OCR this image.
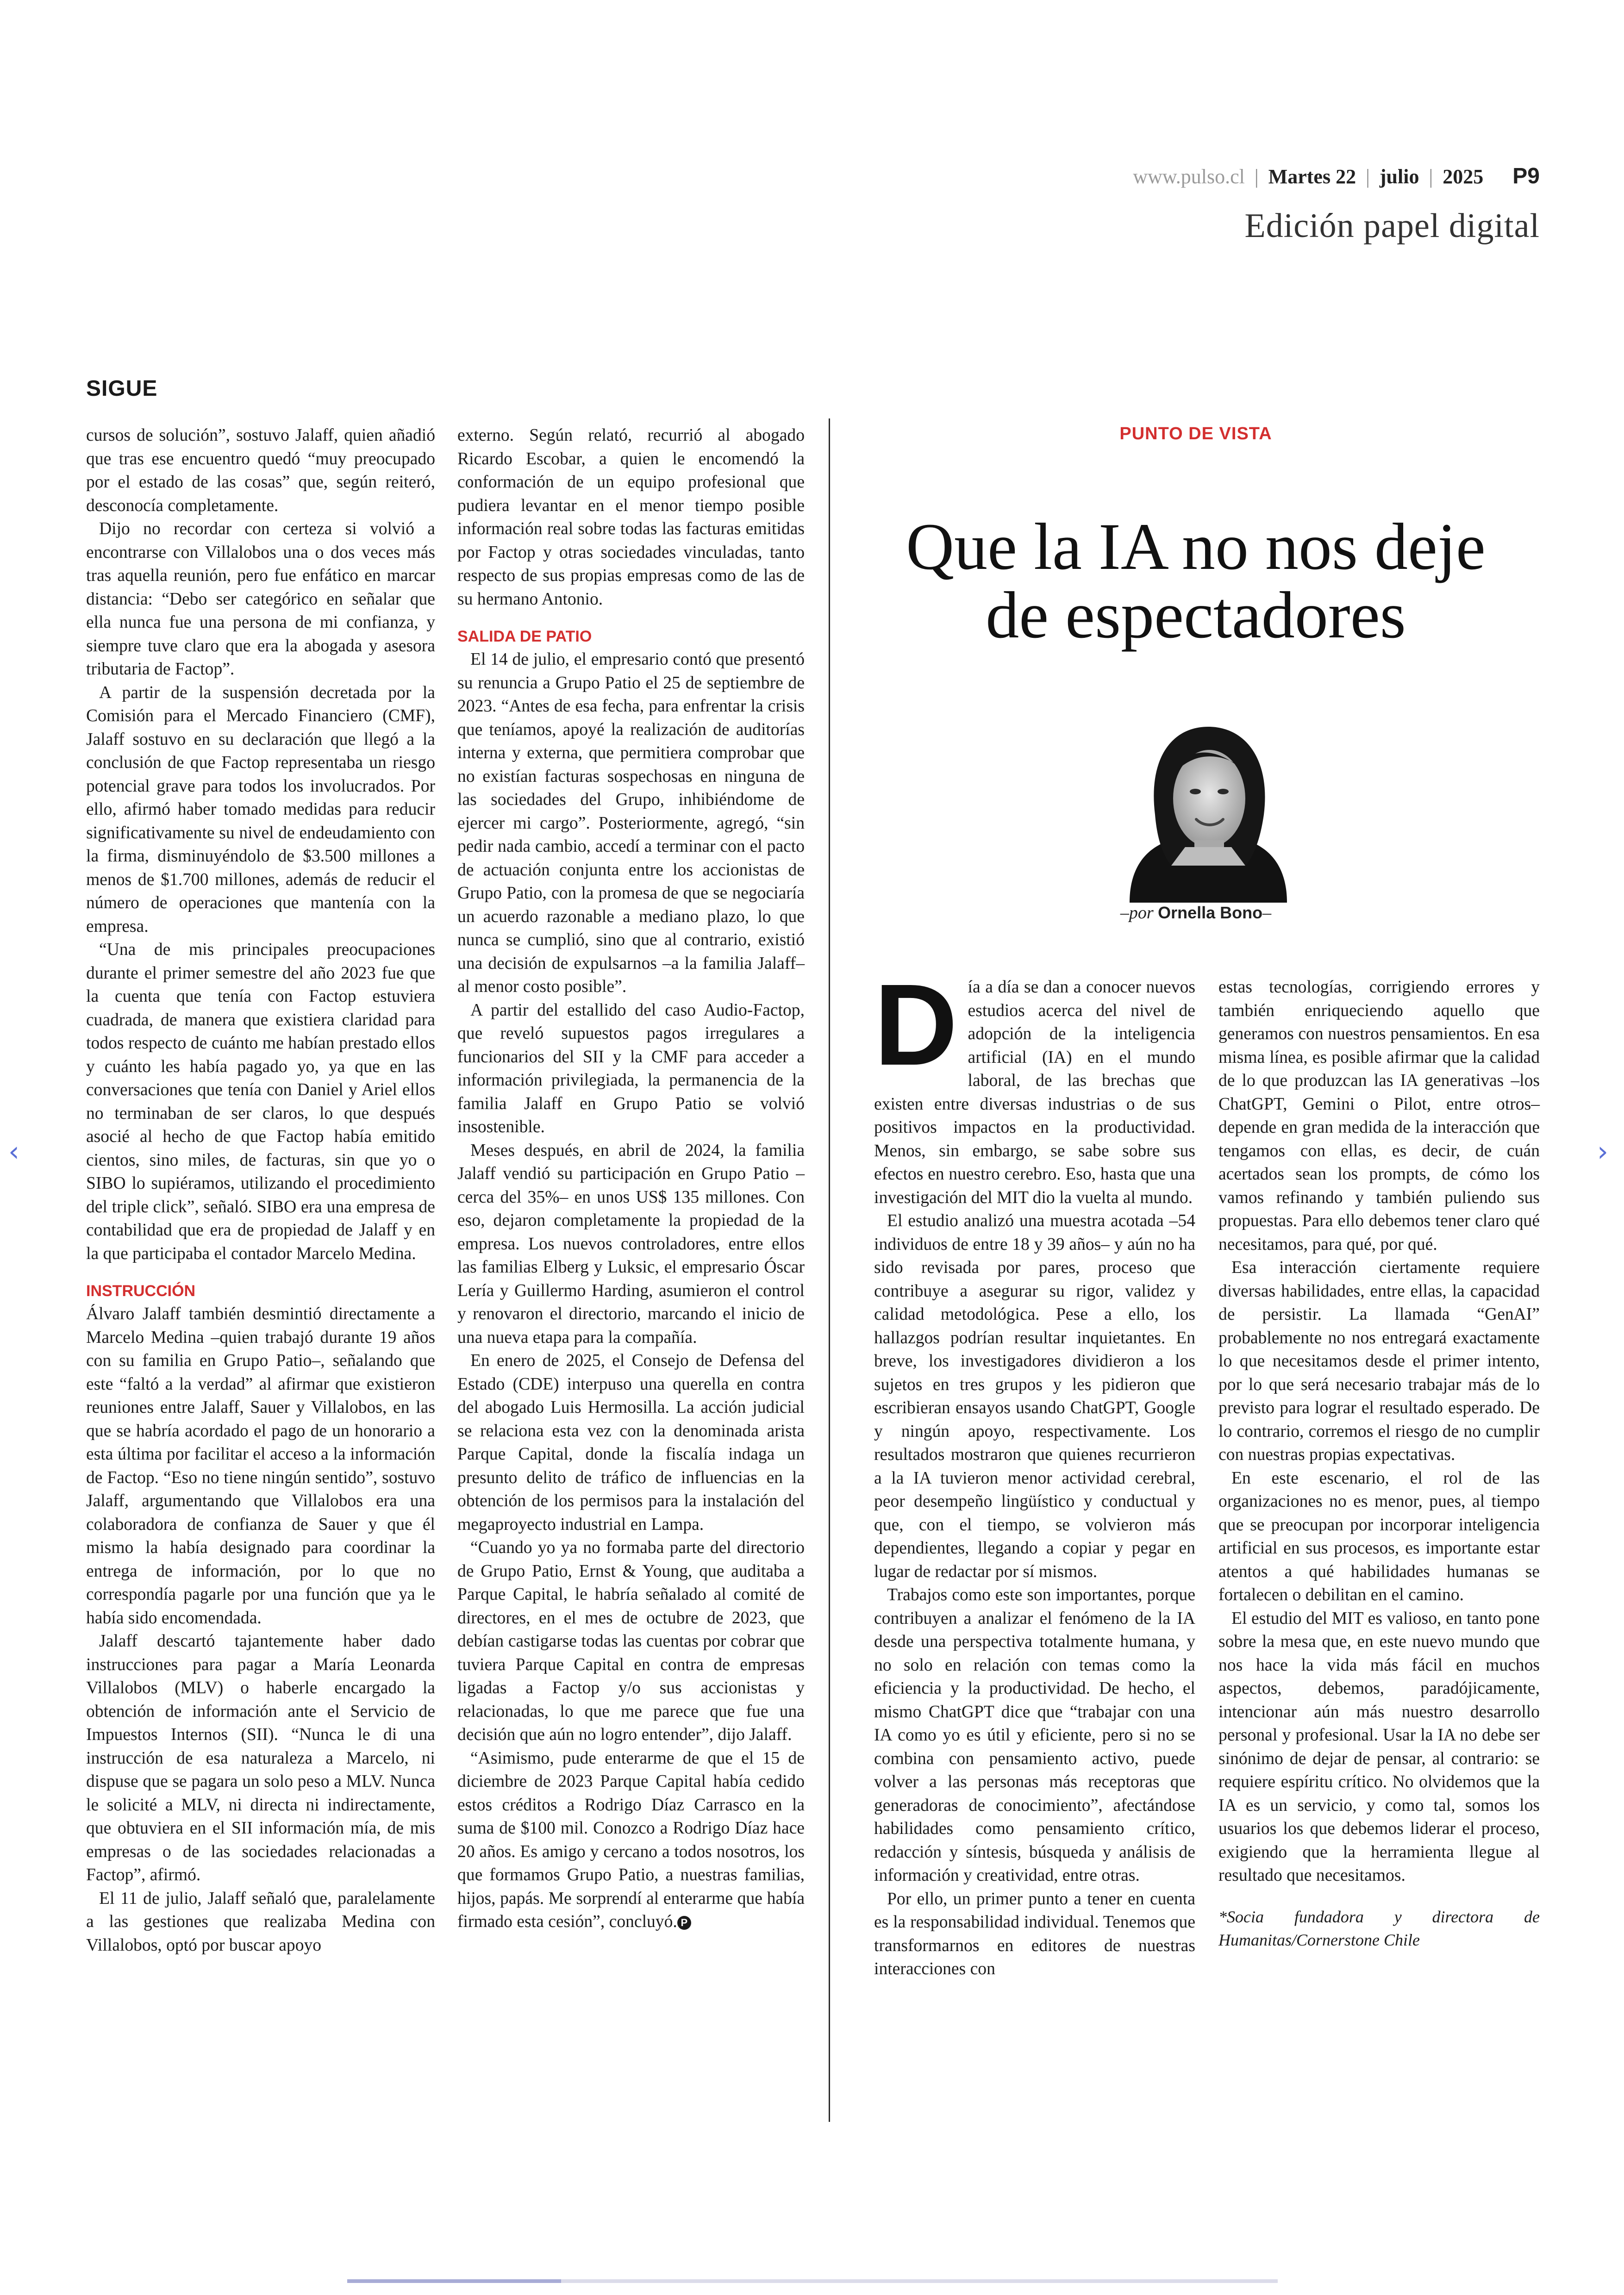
www.pulso.cl | Martes 22 | julio | 2025 P9
Edición papel digital
SIGUE

cursos de solución”, sostuvo Jalaff, quien añadió que tras ese encuentro quedó “muy preocupado por el estado de las cosas” que, según reiteró, desconocía completamente.

Dijo no recordar con certeza si volvió a encontrarse con Villalobos una o dos veces más tras aquella reunión, pero fue enfático en marcar distancia: “Debo ser categórico en señalar que ella nunca fue una persona de mi confianza, y siempre tuve claro que era la abogada y asesora tributaria de Factop”.

A partir de la suspensión decretada por la Comisión para el Mercado Financiero (CMF), Jalaff sostuvo en su declaración que llegó a la conclusión de que Factop representaba un riesgo potencial grave para todos los involucrados. Por ello, afirmó haber tomado medidas para reducir significativamente su nivel de endeudamiento con la firma, disminuyéndolo de $3.500 millones a menos de $1.700 millones, además de reducir el número de operaciones que mantenía con la empresa.

“Una de mis principales preocupaciones durante el primer semestre del año 2023 fue que la cuenta que tenía con Factop estuviera cuadrada, de manera que existiera claridad para todos respecto de cuánto me habían prestado ellos y cuánto les había pagado yo, ya que en las conversaciones que tenía con Daniel y Ariel ellos no terminaban de ser claros, lo que después asocié al hecho de que Factop había emitido cientos, sino miles, de facturas, sin que yo o SIBO lo supiéramos, utilizando el procedimiento del triple click”, señaló. SIBO era una empresa de contabilidad que era de propiedad de Jalaff y en la que participaba el contador Marcelo Medina.

INSTRUCCIÓN

Álvaro Jalaff también desmintió directamente a Marcelo Medina –quien trabajó durante 19 años con su familia en Grupo Patio–, señalando que este “faltó a la verdad” al afirmar que existieron reuniones entre Jalaff, Sauer y Villalobos, en las que se habría acordado el pago de un honorario a esta última por facilitar el acceso a la información de Factop. “Eso no tiene ningún sentido”, sostuvo Jalaff, argumentando que Villalobos era una colaboradora de confianza de Sauer y que él mismo la había designado para coordinar la entrega de información, por lo que no correspondía pagarle por una función que ya le había sido encomendada.

Jalaff descartó tajantemente haber dado instrucciones para pagar a María Leonarda Villalobos (MLV) o haberle encargado la obtención de información ante el Servicio de Impuestos Internos (SII). “Nunca le di una instrucción de esa naturaleza a Marcelo, ni dispuse que se pagara un solo peso a MLV. Nunca le solicité a MLV, ni directa ni indirectamente, que obtuviera en el SII información mía, de mis empresas o de las sociedades relacionadas a Factop”, afirmó.

El 11 de julio, Jalaff señaló que, paralelamente a las gestiones que realizaba Medina con Villalobos, optó por buscar apoyo

externo. Según relató, recurrió al abogado Ricardo Escobar, a quien le encomendó la conformación de un equipo profesional que pudiera levantar en el menor tiempo posible información real sobre todas las facturas emitidas por Factop y otras sociedades vinculadas, tanto respecto de sus propias empresas como de las de su hermano Antonio.

SALIDA DE PATIO

El 14 de julio, el empresario contó que presentó su renuncia a Grupo Patio el 25 de septiembre de 2023. “Antes de esa fecha, para enfrentar la crisis que teníamos, apoyé la realización de auditorías interna y externa, que permitiera comprobar que no existían facturas sospechosas en ninguna de las sociedades del Grupo, inhibiéndome de ejercer mi cargo”. Posteriormente, agregó, “sin pedir nada cambio, accedí a terminar con el pacto de actuación conjunta entre los accionistas de Grupo Patio, con la promesa de que se negociaría un acuerdo razonable a mediano plazo, lo que nunca se cumplió, sino que al contrario, existió una decisión de expulsarnos –a la familia Jalaff– al menor costo posible”.

A partir del estallido del caso Audio-Factop, que reveló supuestos pagos irregulares a funcionarios del SII y la CMF para acceder a información privilegiada, la permanencia de la familia Jalaff en Grupo Patio se volvió insostenible.

Meses después, en abril de 2024, la familia Jalaff vendió su participación en Grupo Patio –cerca del 35%– en unos US$ 135 millones. Con eso, dejaron completamente la propiedad de la empresa. Los nuevos controladores, entre ellos las familias Elberg y Luksic, el empresario Óscar Lería y Guillermo Harding, asumieron el control y renovaron el directorio, marcando el inicio de una nueva etapa para la compañía.

En enero de 2025, el Consejo de Defensa del Estado (CDE) interpuso una querella en contra del abogado Luis Hermosilla. La acción judicial se relaciona esta vez con la denominada arista Parque Capital, donde la fiscalía indaga un presunto delito de tráfico de influencias en la obtención de los permisos para la instalación del megaproyecto industrial en Lampa.

“Cuando yo ya no formaba parte del directorio de Grupo Patio, Ernst & Young, que auditaba a Parque Capital, le habría señalado al comité de directores, en el mes de octubre de 2023, que debían castigarse todas las cuentas por cobrar que tuviera Parque Capital en contra de empresas ligadas a Factop y/o sus accionistas y relacionadas, lo que me parece que fue una decisión que aún no logro entender”, dijo Jalaff.

“Asimismo, pude enterarme de que el 15 de diciembre de 2023 Parque Capital había cedido estos créditos a Rodrigo Díaz Carrasco en la suma de $100 mil. Conozco a Rodrigo Díaz hace 20 años. Es amigo y cercano a todos nosotros, los que formamos Grupo Patio, a nuestras familias, hijos, papás. Me sorprendí al enterarme que había firmado esta cesión”, concluyó. P

PUNTO DE VISTA
Que la IA no nos deje
de espectadores
–por Ornella Bono–

Día a día se dan a conocer nuevos estudios acerca del nivel de adopción de la inteligencia artificial (IA) en el mundo laboral, de las brechas que existen entre diversas industrias o de sus positivos impactos en la productividad. Menos, sin embargo, se sabe sobre sus efectos en nuestro cerebro. Eso, hasta que una investigación del MIT dio la vuelta al mundo.

El estudio analizó una muestra acotada –54 individuos de entre 18 y 39 años– y aún no ha sido revisada por pares, proceso que contribuye a asegurar su rigor, validez y calidad metodológica. Pese a ello, los hallazgos podrían resultar inquietantes. En breve, los investigadores dividieron a los sujetos en tres grupos y les pidieron que escribieran ensayos usando ChatGPT, Google y ningún apoyo, respectivamente. Los resultados mostraron que quienes recurrieron a la IA tuvieron menor actividad cerebral, peor desempeño lingüístico y conductual y que, con el tiempo, se volvieron más dependientes, llegando a copiar y pegar en lugar de redactar por sí mismos.

Trabajos como este son importantes, porque contribuyen a analizar el fenómeno de la IA desde una perspectiva totalmente humana, y no solo en relación con temas como la eficiencia y la productividad. De hecho, el mismo ChatGPT dice que “trabajar con una IA como yo es útil y eficiente, pero si no se combina con pensamiento activo, puede volver a las personas más receptoras que generadoras de conocimiento”, afectándose habilidades como pensamiento crítico, redacción y síntesis, búsqueda y análisis de información y creatividad, entre otras.

Por ello, un primer punto a tener en cuenta es la responsabilidad individual. Tenemos que transformarnos en editores de nuestras interacciones con

estas tecnologías, corrigiendo errores y también enriqueciendo aquello que generamos con nuestros pensamientos. En esa misma línea, es posible afirmar que la calidad de lo que produzcan las IA generativas –los ChatGPT, Gemini o Pilot, entre otros– depende en gran medida de la interacción que tengamos con ellas, es decir, de cuán acertados sean los prompts, de cómo los vamos refinando y también puliendo sus propuestas. Para ello debemos tener claro qué necesitamos, para qué, por qué.

Esa interacción ciertamente requiere diversas habilidades, entre ellas, la capacidad de persistir. La llamada “GenAI” probablemente no nos entregará exactamente lo que necesitamos desde el primer intento, por lo que será necesario trabajar más de lo previsto para lograr el resultado esperado. De lo contrario, corremos el riesgo de no cumplir con nuestras propias expectativas.

En este escenario, el rol de las organizaciones no es menor, pues, al tiempo que se preocupan por incorporar inteligencia artificial en sus procesos, es importante estar atentos a qué habilidades humanas se fortalecen o debilitan en el camino.

El estudio del MIT es valioso, en tanto pone sobre la mesa que, en este nuevo mundo que nos hace la vida más fácil en muchos aspectos, debemos, paradójicamente, intencionar aún más nuestro desarrollo personal y profesional. Usar la IA no debe ser sinónimo de dejar de pensar, al contrario: se requiere espíritu crítico. No olvidemos que la IA es un servicio, y como tal, somos los usuarios los que debemos liderar el proceso, exigiendo que la herramienta llegue al resultado que necesitamos.

*Socia fundadora y directora de Humanitas/Cornerstone Chile

‹	›
